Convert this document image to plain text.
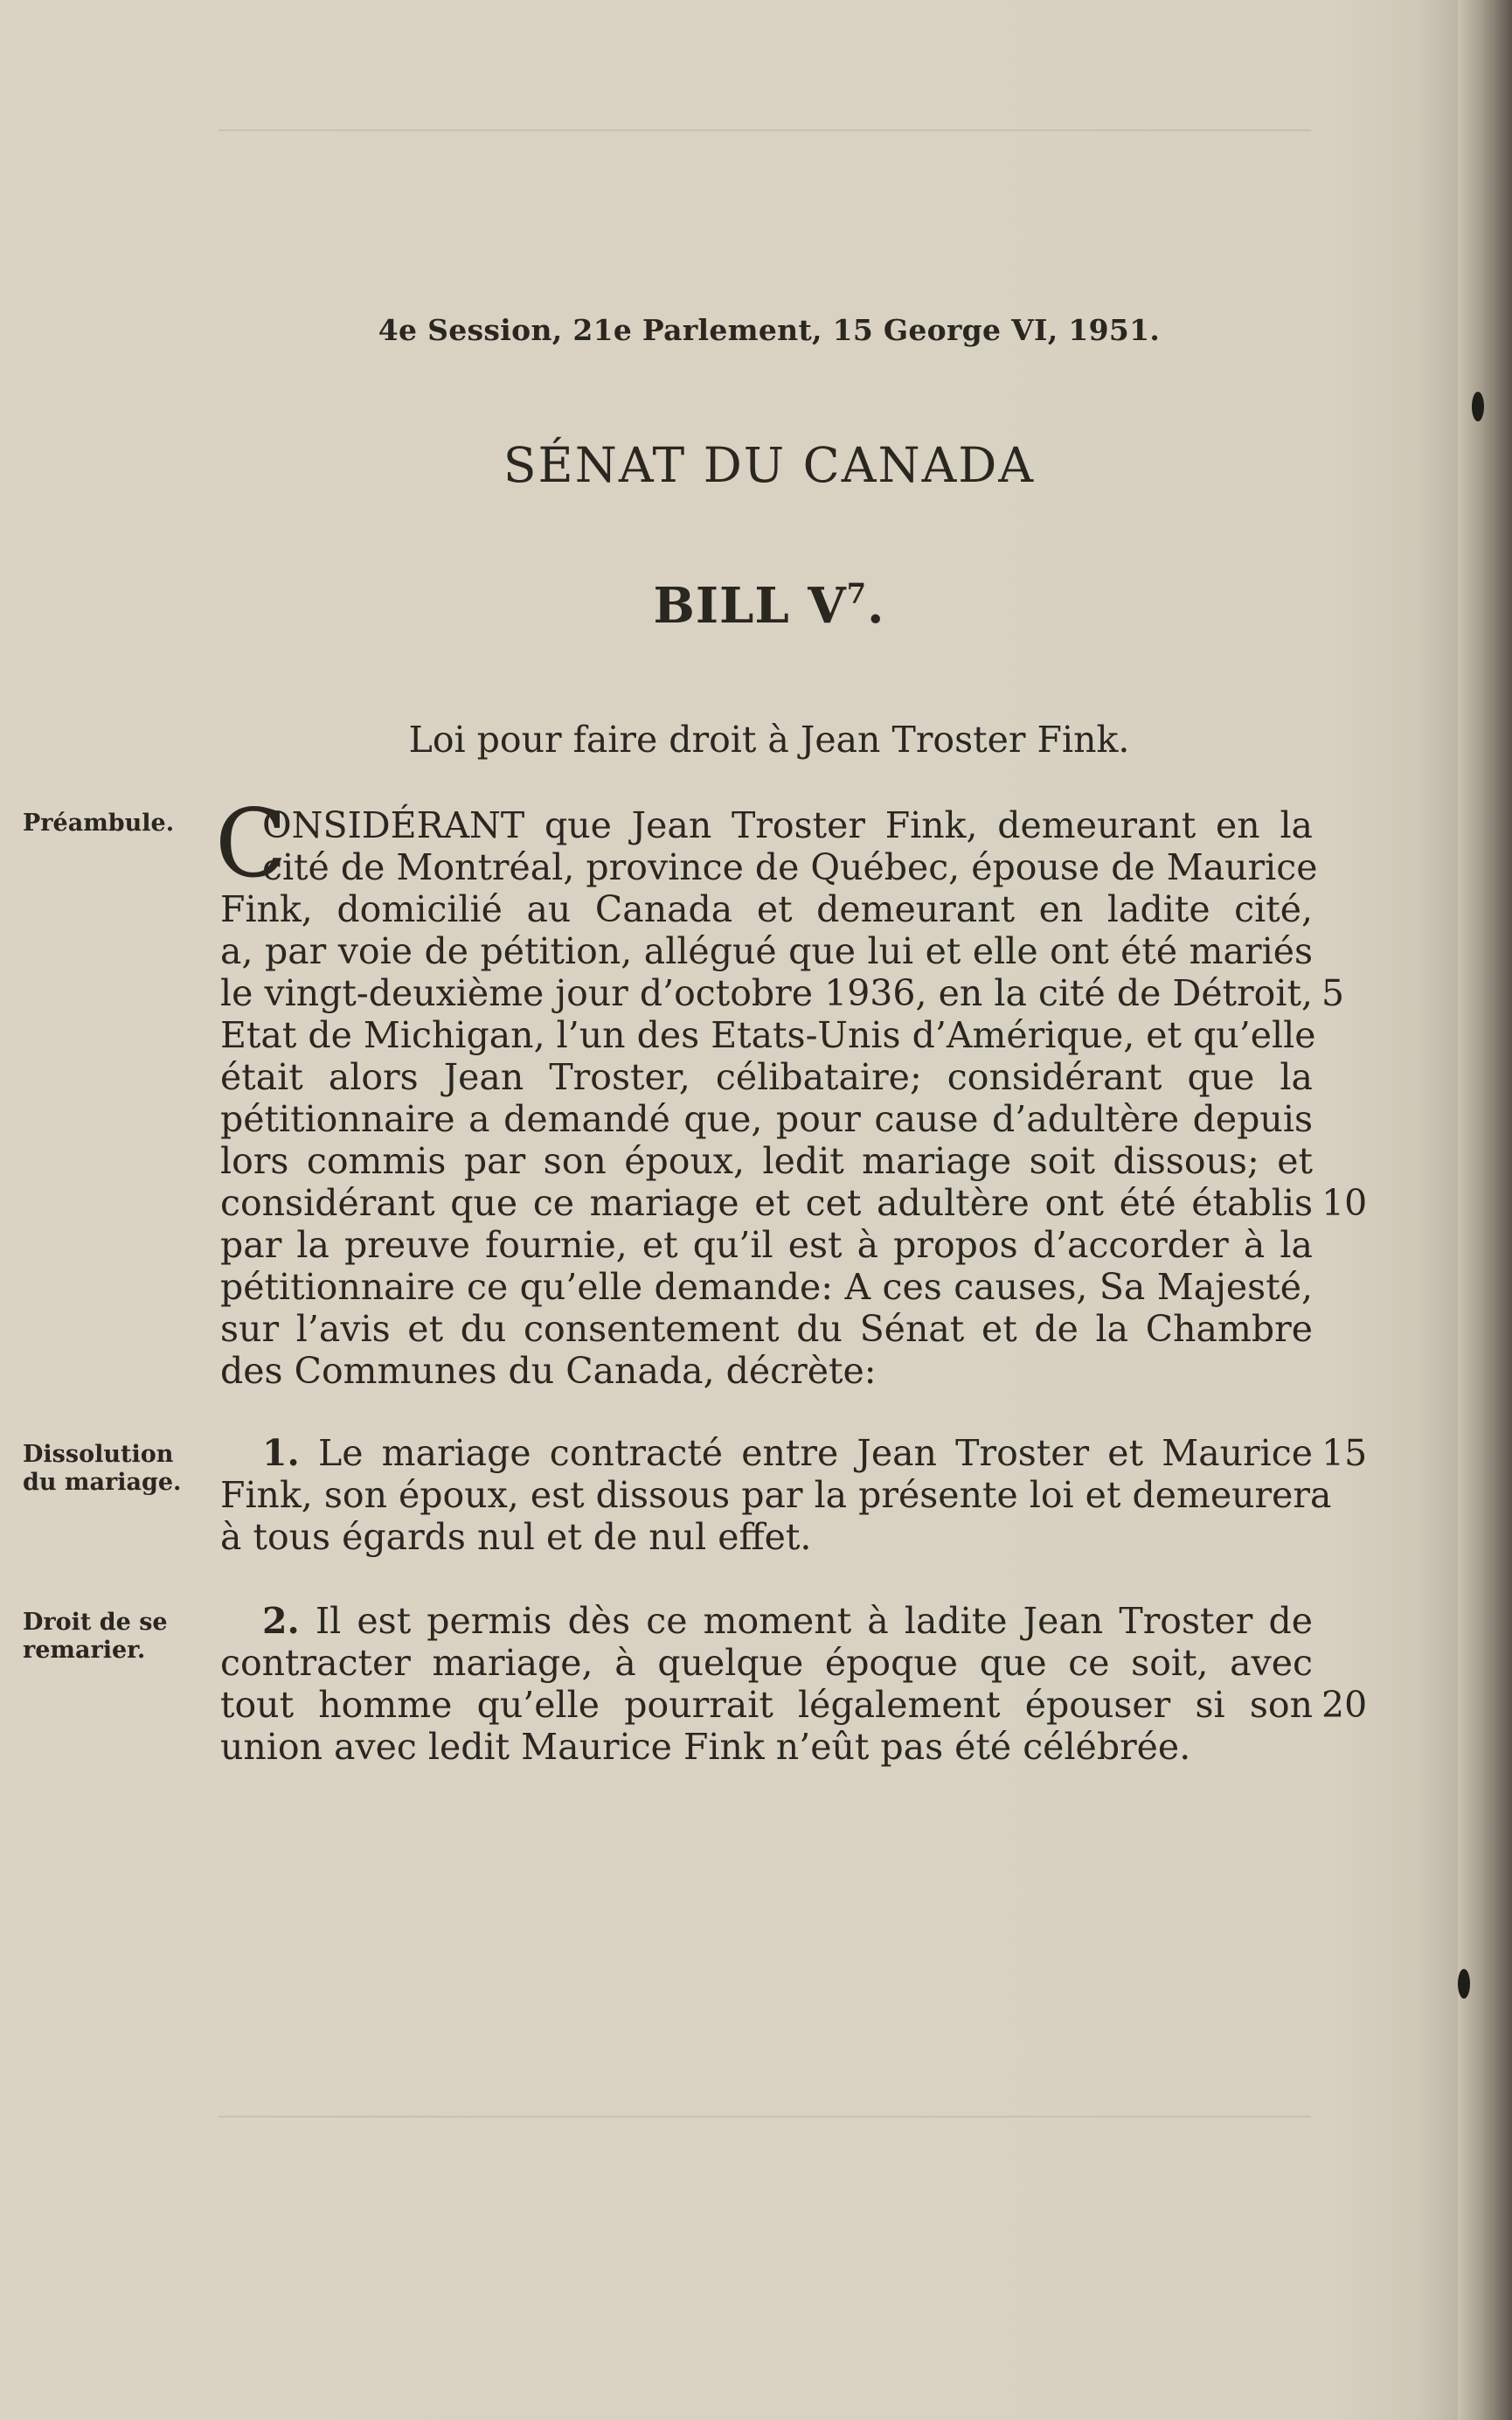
4e Session, 21e Parlement, 15 George VI, 1951.
SÉNAT DU CANADA
BILL $V^7$.
Loi pour faire droit à Jean Troster Fink.
Préambule.
Dissolution
du mariage.
Droit de se
remarier.
C
ONSIDÉRANT que Jean Troster Fink, demeurant en la
cité de Montréal, province de Québec, épouse de Maurice
Fink, domicilié au Canada et demeurant en ladite cité,
a, par voie de pétition, allégué que lui et elle ont été mariés
le vingt-deuxième jour d’octobre 1936, en la cité de Détroit,
Etat de Michigan, l’un des Etats-Unis d’Amérique, et qu’elle
était alors Jean Troster, célibataire; considérant que la
pétitionnaire a demandé que, pour cause d’adultère depuis
lors commis par son époux, ledit mariage soit dissous; et
considérant que ce mariage et cet adultère ont été établis
par la preuve fournie, et qu’il est à propos d’accorder à la
pétitionnaire ce qu’elle demande: A ces causes, Sa Majesté,
sur l’avis et du consentement du Sénat et de la Chambre
des Communes du Canada, décrète:
1. Le mariage contracté entre Jean Troster et Maurice
Fink, son époux, est dissous par la présente loi et demeurera
à tous égards nul et de nul effet.
2. Il est permis dès ce moment à ladite Jean Troster de
contracter mariage, à quelque époque que ce soit, avec
tout homme qu’elle pourrait légalement épouser si son
union avec ledit Maurice Fink n’eût pas été célébrée.
5
10
15
20
